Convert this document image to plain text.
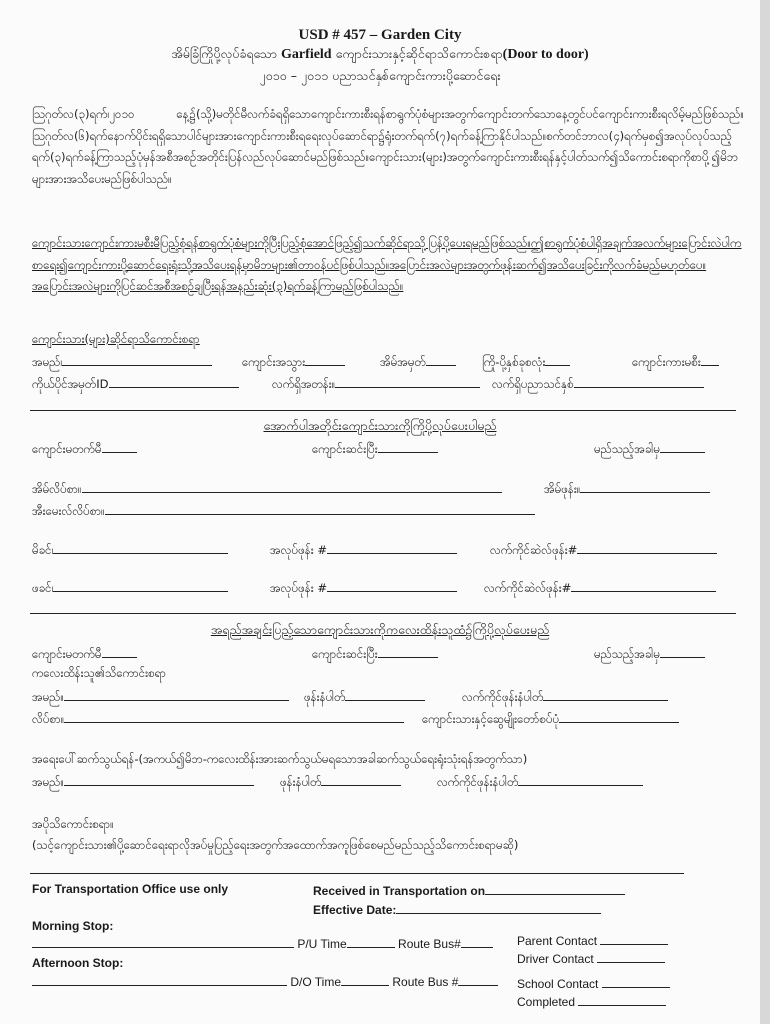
USD # 457 – Garden City
အိမ်ခြံကြိုပို့လုပ်ခံရသော Garfield ကျောင်းသားနှင့်ဆိုင်ရာသိကောင်းစရာ(Door to door)
၂၀၁၀ – ၂၀၁၁ ပညာသင်နှစ်ကျောင်းကားပို့ဆောင်ရေး
ဩဂုတ်လ(၃)ရက်၊၂၀၁၀ နေ့၌(သို့)မတိုင်မီလက်ခံရရှိသောကျောင်းကားစီးရန်စာရွက်ပုံစံများအတွက်ကျောင်းတက်သောနေ့တွင်ပင်ကျောင်းကားစီးရလိမ့်မည်ဖြစ်သည်။ဩဂုတ်လ(၆)ရက်နောက်ပိုင်းရရှိသောပါင်များအားကျောင်းကားစီးရရေးလုပ်ဆောင်ရာ၌ရုံးတက်ရက်(၇)ရက်ခန့်ကြာနိုင်ပါသည်။စက်တင်ဘာလ(၄)ရက်မှစ၍အလုပ်လုပ်သည့်ရက်(၃)ရက်ခန့်ကြာသည့်ပုံမှန်အစီအစဉ်အတိုင်းပြန်လည်လုပ်ဆောင်မည်ဖြစ်သည်။ကျောင်းသား(များ)အတွက်ကျောင်းကားစီးရန်နှင့်ပါတ်သက်၍သိကောင်းစရာကိုစာပို့၍မိဘများအားအသိပေးမည်ဖြစ်ပါသည်။
ကျောင်းသားကျောင်းကားမစီးမီပြည့်စုံရန်စာရွက်ပုံစံများကိုပြီးပြည့်စုံအောင်ဖြည့်၍သက်ဆိုင်ရာသို့ပြန်ပို့ပေးရမည်ဖြစ်သည်။ဤစာရွက်ပုံစံပါရှိအချက်အလက်များပြောင်းလဲပါကစာရေး၍ကျောင်းကားပို့ဆောင်ရေးရုံးသို့အသိပေးရန်မှာမိဘများ၏တာဝန်ပင်ဖြစ်ပါသည်။အပြောင်းအလဲများအတွက်ဖုန်းဆက်၍အသိပေးခြင်းကိုလက်ခံမည်မဟုတ်ပေ။အပြောင်းအလဲများကိုပြင်ဆင်အစီအစဉ်ချပြီးရန်အနည်းဆုံး(၃)ရက်ခန့်ကြာမည်ဖြစ်ပါသည်။
ကျောင်းသား(များ)ဆိုင်ရာသိကောင်းစရာ
အမည်၊	ကျောင်းအသွား	အိမ်အမှတ်	ကြို-ပို့နှစ်ခုစလုံး	ကျောင်းကားမစီး
ကိုယ်ပိုင်အမှတ်ID	လက်ရှိအတန်း။	လက်ရှိပညာသင်နှစ်
အောက်ပါအတိုင်းကျောင်းသားကိုကြိုပို့လုပ်ပေးပါမည်
ကျောင်းမတက်မီ	ကျောင်းဆင်းပြီး	မည်သည့်အခါမှ
အိမ်လိပ်စာ။	အိမ်ဖုန်း။
အီးမေးလ်လိပ်စာ။
မိခင်၊	အလုပ်ဖုန်း #	လက်ကိုင်ဆဲလ်ဖုန်း#
ဖခင်၊	အလုပ်ဖုန်း #	လက်ကိုင်ဆဲလ်ဖုန်း#
အရည်အချင်းပြည့်သောကျောင်းသားကိုကလေးထိန်းသူထံ၌ကြိုပို့လုပ်ပေးမည်
ကျောင်းမတက်မီ	ကျောင်းဆင်းပြီး	မည်သည့်အခါမှ
ကလေးထိန်းသူ၏သိကောင်းစရာ
အမည်။	ဖုန်းနံပါတ်	လက်ကိုင်ဖုန်းနံပါတ်
လိပ်စာ။	ကျောင်းသားနှင့်ဆွေမျိုးတော်စပ်ပုံ
အရေးပေါ်ဆက်သွယ်ရန်-(အကယ်၍မိဘ-ကလေးထိန်းအားဆက်သွယ်မရသောအခါဆက်သွယ်ရေးရုံးသုံးရန်အတွက်သာ)
အမည်။	ဖုန်းနံပါတ်	လက်ကိုင်ဖုန်းနံပါတ်
အပိုသိကောင်းစရာ။
(သင့်ကျောင်းသား၏ပို့ဆောင်ရေးရာလိုအပ်မှုပြည့်ရေးအတွက်အထောက်အကူဖြစ်စေမည်မည်သည့်သိကောင်းစရာမဆို)
For Transportation Office use only	Received in Transportation on
Effective Date:
Morning Stop:
P/U Time	Route Bus#	Parent Contact
Driver Contact
Afternoon Stop:
D/O Time	Route Bus #	School Contact
Completed
